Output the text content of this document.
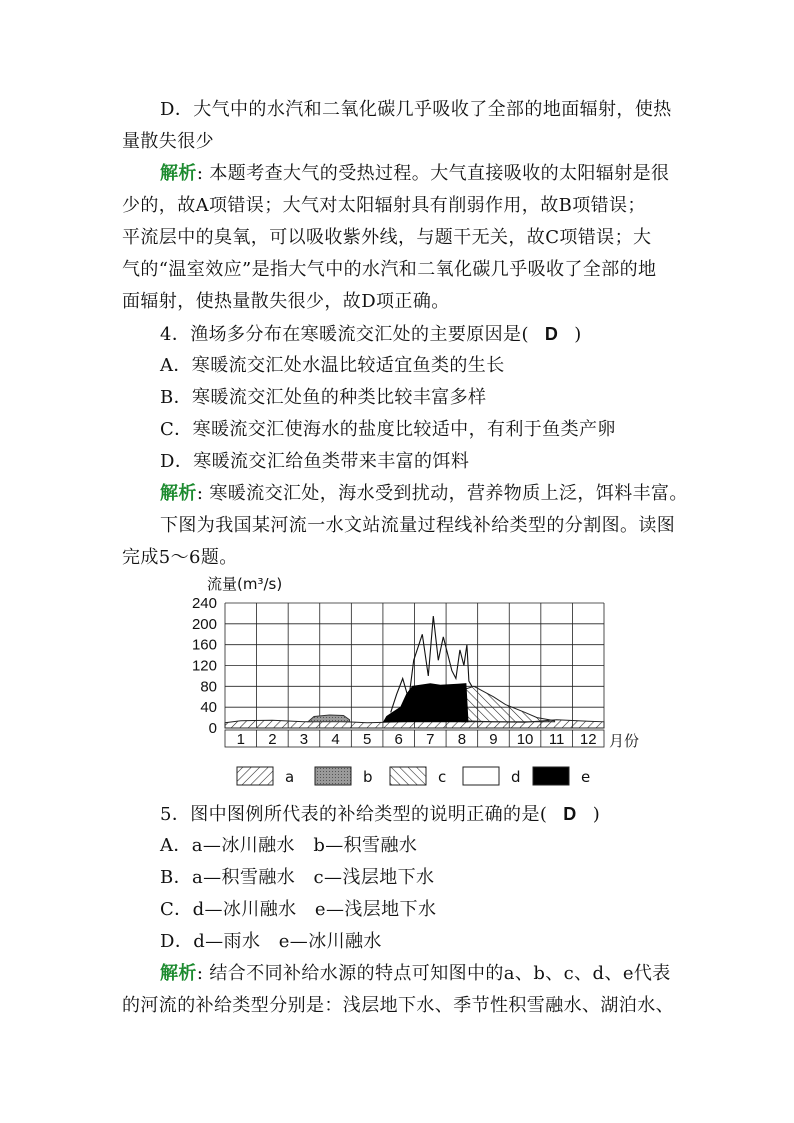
D．大气中的水汽和二氧化碳几乎吸收了全部的地面辐射，使热
量散失很少
解析: 本题考查大气的受热过程。大气直接吸收的太阳辐射是很
少的，故A项错误；大气对太阳辐射具有削弱作用，故B项错误；
平流层中的臭氧，可以吸收紫外线，与题干无关，故C项错误；大
气的“温室效应”是指大气中的水汽和二氧化碳几乎吸收了全部的地
面辐射，使热量散失很少，故D项正确。
4．渔场多分布在寒暖流交汇处的主要原因是( D )
A．寒暖流交汇处水温比较适宜鱼类的生长
B．寒暖流交汇处鱼的种类比较丰富多样
C．寒暖流交汇使海水的盐度比较适中，有利于鱼类产卵
D．寒暖流交汇给鱼类带来丰富的饵料
解析: 寒暖流交汇处，海水受到扰动，营养物质上泛，饵料丰富。
下图为我国某河流一水文站流量过程线补给类型的分割图。读图
完成5～6题。
流量(m³/s)
240
200
160
120
80
40
0
1 2 3 4 5 6 7 8 9 10 11 12 月份
a	b	c	d	e
5．图中图例所代表的补给类型的说明正确的是( D )
A．a—冰川融水　b—积雪融水
B．a—积雪融水　c—浅层地下水
C．d—冰川融水　e—浅层地下水
D．d—雨水　e—冰川融水
解析: 结合不同补给水源的特点可知图中的a、b、c、d、e代表
的河流的补给类型分别是：浅层地下水、季节性积雪融水、湖泊水、
